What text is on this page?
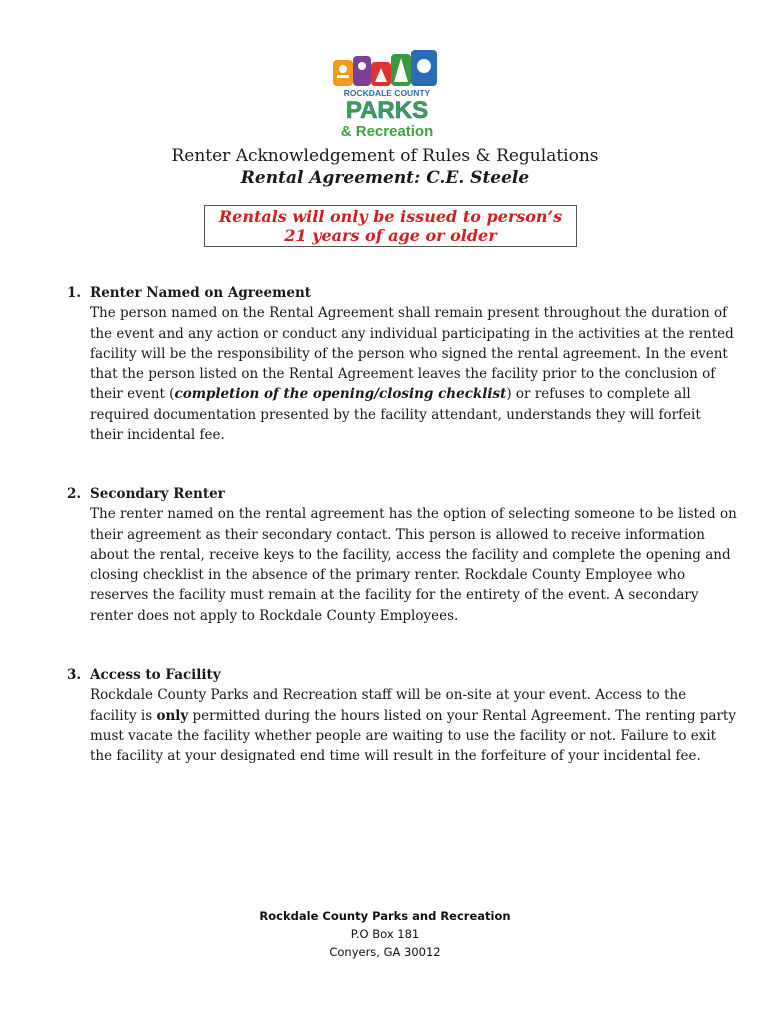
ROCKDALE COUNTY
PARKS
& Recreation
Renter Acknowledgement of Rules & Regulations
Rental Agreement: C.E. Steele
Rentals will only be issued to person’s
21 years of age or older
1. Renter Named on Agreement
The person named on the Rental Agreement shall remain present throughout the duration of the event and any action or conduct any individual participating in the activities at the rented facility will be the responsibility of the person who signed the rental agreement. In the event that the person listed on the Rental Agreement leaves the facility prior to the conclusion of their event (completion of the opening/closing checklist) or refuses to complete all required documentation presented by the facility attendant, understands they will forfeit their incidental fee.
2. Secondary Renter
The renter named on the rental agreement has the option of selecting someone to be listed on their agreement as their secondary contact. This person is allowed to receive information about the rental, receive keys to the facility, access the facility and complete the opening and closing checklist in the absence of the primary renter. Rockdale County Employee who reserves the facility must remain at the facility for the entirety of the event. A secondary renter does not apply to Rockdale County Employees.
3. Access to Facility
Rockdale County Parks and Recreation staff will be on-site at your event. Access to the facility is only permitted during the hours listed on your Rental Agreement. The renting party must vacate the facility whether people are waiting to use the facility or not. Failure to exit the facility at your designated end time will result in the forfeiture of your incidental fee.
Rockdale County Parks and Recreation
P.O Box 181
Conyers, GA 30012
